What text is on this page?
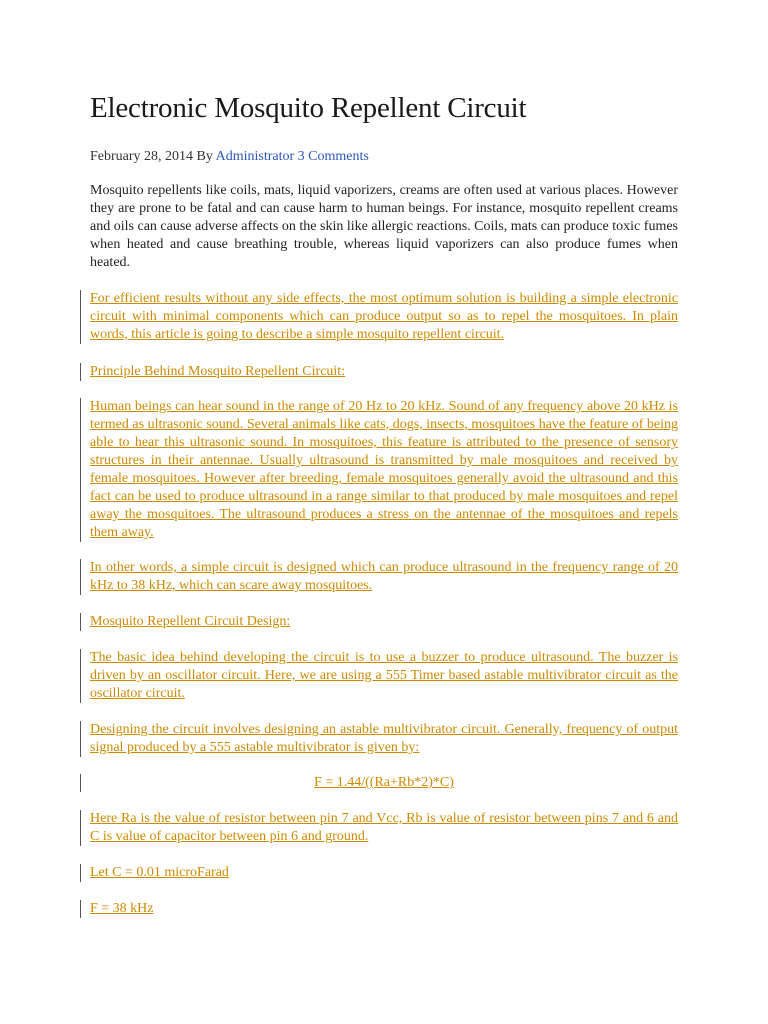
Electronic Mosquito Repellent Circuit
February 28, 2014 By Administrator 3 Comments

Mosquito repellents like coils, mats, liquid vaporizers, creams are often used at various places. However they are prone to be fatal and can cause harm to human beings. For instance, mosquito repellent creams and oils can cause adverse affects on the skin like allergic reactions. Coils, mats can produce toxic fumes when heated and cause breathing trouble, whereas liquid vaporizers can also produce fumes when heated.

For efficient results without any side effects, the most optimum solution is building a simple electronic circuit with minimal components which can produce output so as to repel the mosquitoes. In plain words, this article is going to describe a simple mosquito repellent circuit.

Principle Behind Mosquito Repellent Circuit:

Human beings can hear sound in the range of 20 Hz to 20 kHz. Sound of any frequency above 20 kHz is termed as ultrasonic sound. Several animals like cats, dogs, insects, mosquitoes have the feature of being able to hear this ultrasonic sound. In mosquitoes, this feature is attributed to the presence of sensory structures in their antennae. Usually ultrasound is transmitted by male mosquitoes and received by female mosquitoes. However after breeding, female mosquitoes generally avoid the ultrasound and this fact can be used to produce ultrasound in a range similar to that produced by male mosquitoes and repel away the mosquitoes. The ultrasound produces a stress on the antennae of the mosquitoes and repels them away.

In other words, a simple circuit is designed which can produce ultrasound in the frequency range of 20 kHz to 38 kHz, which can scare away mosquitoes.

Mosquito Repellent Circuit Design:

The basic idea behind developing the circuit is to use a buzzer to produce ultrasound. The buzzer is driven by an oscillator circuit. Here, we are using a 555 Timer based astable multivibrator circuit as the oscillator circuit.

Designing the circuit involves designing an astable multivibrator circuit. Generally, frequency of output signal produced by a 555 astable multivibrator is given by:

F = 1.44/((Ra+Rb*2)*C)

Here Ra is the value of resistor between pin 7 and Vcc, Rb is value of resistor between pins 7 and 6 and C is value of capacitor between pin 6 and ground.

Let C = 0.01 microFarad

F = 38 kHz
